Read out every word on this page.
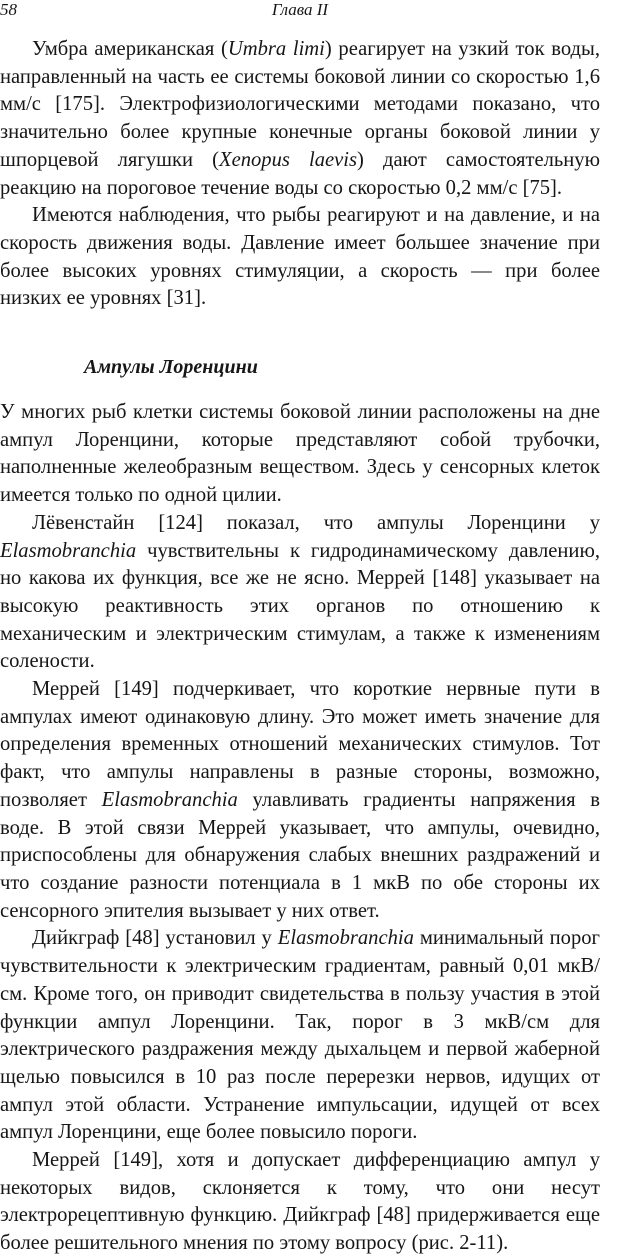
58	Глава II

Умбра американская (Umbra limi) реагирует на узкий ток воды, направленный на часть ее системы боковой линии со скоростью 1,6 мм/с [175]. Электрофизиологическими методами показано, что значительно более крупные конечные органы боковой линии у шпорцевой лягушки (Xenopus laevis) дают самостоятельную реакцию на пороговое течение воды со скоростью 0,2 мм/с [75].

Имеются наблюдения, что рыбы реагируют и на давление, и на скорость движения воды. Давление имеет большее значение при более высоких уровнях стимуляции, а скорость — при более низких ее уровнях [31].

Ампулы Лоренцини

У многих рыб клетки системы боковой линии расположены на дне ампул Лоренцини, которые представляют собой трубочки, наполненные желеобразным веществом. Здесь у сенсорных клеток имеется только по одной цилии.

Лёвенстайн [124] показал, что ампулы Лоренцини у Elasmobranchia чувствительны к гидродинамическому давлению, но какова их функция, все же не ясно. Меррей [148] указывает на высокую реактивность этих органов по отношению к механическим и электрическим стимулам, а также к изменениям солености.

Меррей [149] подчеркивает, что короткие нервные пути в ампулах имеют одинаковую длину. Это может иметь значение для определения временных отношений механических стимулов. Тот факт, что ампулы направлены в разные стороны, возможно, позволяет Elasmobranchia улавливать градиенты напряжения в воде. В этой связи Меррей указывает, что ампулы, очевидно, приспособлены для обнаружения слабых внешних раздражений и что создание разности потенциала в 1 мкВ по обе стороны их сенсорного эпителия вызывает у них ответ.

Дийкграф [48] установил у Elasmobranchia минимальный порог чувствительности к электрическим градиентам, равный 0,01 мкВ/см. Кроме того, он приводит свидетельства в пользу участия в этой функции ампул Лоренцини. Так, порог в 3 мкВ/см для электрического раздражения между дыхальцем и первой жаберной щелью повысился в 10 раз после перерезки нервов, идущих от ампул этой области. Устранение импульсации, идущей от всех ампул Лоренцини, еще более повысило пороги.

Меррей [149], хотя и допускает дифференциацию ампул у некоторых видов, склоняется к тому, что они несут электрорецептивную функцию. Дийкграф [48] придерживается еще более решительного мнения по этому вопросу (рис. 2-11).
